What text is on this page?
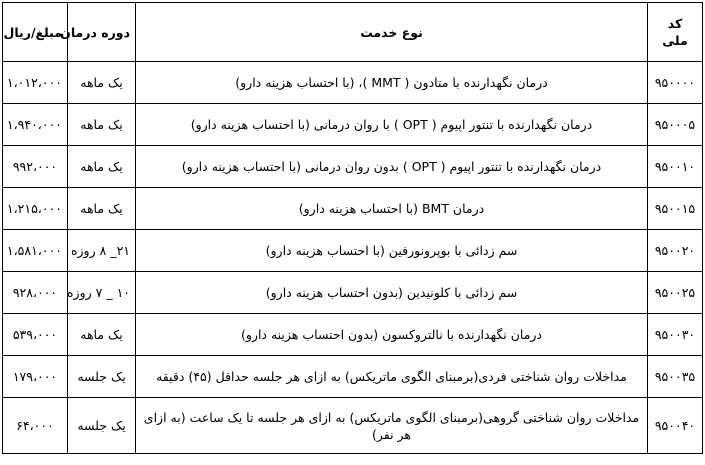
کد ملی	نوع خدمت	دوره درمان	مبلغ/ریال
۹۵۰۰۰۰	درمان نگهدارنده با متادون ( MMT )، (با احتساب هزینه دارو)	یک ماهه	۱،۰۱۲،۰۰۰
۹۵۰۰۰۵	درمان نگهدارنده با تنتور اپیوم ( OPT ) با روان درمانی (با احتساب هزینه دارو)	یک ماهه	۱،۹۴۰،۰۰۰
۹۵۰۰۱۰	درمان نگهدارنده با تنتور اپیوم ( OPT ) بدون روان درمانی (با احتساب هزینه دارو)	یک ماهه	۹۹۲،۰۰۰
۹۵۰۰۱۵	درمان BMT (با احتساب هزینه دارو)	یک ماهه	۱،۲۱۵،۰۰۰
۹۵۰۰۲۰	سم زدائی با بوپرونورفین (با احتساب هزینه دارو)	۲۱_ ۸ روزه	۱،۵۸۱،۰۰۰
۹۵۰۰۲۵	سم زدائی با کلونیدین (بدون احتساب هزینه دارو)	۱۰ _ ۷ روزه	۹۲۸،۰۰۰
۹۵۰۰۳۰	درمان نگهدارنده با نالتروکسون (بدون احتساب هزینه دارو)	یک ماهه	۵۳۹،۰۰۰
۹۵۰۰۳۵	مداخلات روان شناختی فردی(برمبنای الگوی ماتریکس) به ازای هر جلسه حداقل (۴۵) دقیقه	یک جلسه	۱۷۹،۰۰۰
۹۵۰۰۴۰	مداخلات روان شناختی گروهی(برمبنای الگوی ماتریکس) به ازای هر جلسه تا یک ساعت (به ازای هر نفر)	یک جلسه	۶۴،۰۰۰
